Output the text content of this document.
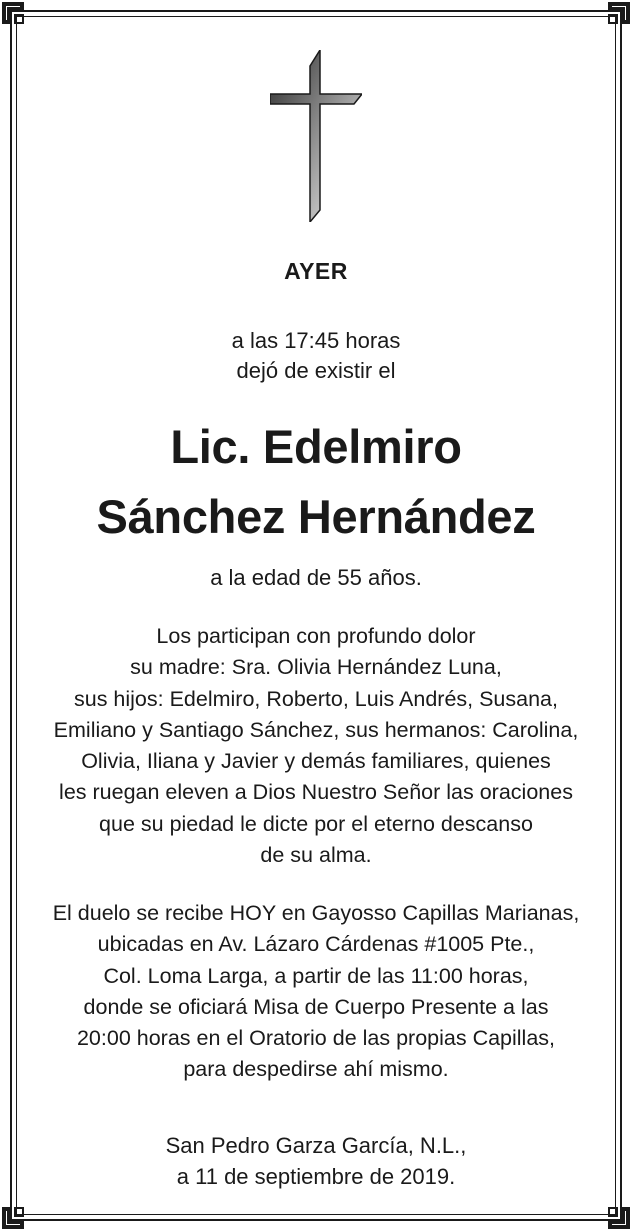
AYER
a las 17:45 horas
dejó de existir el
Lic. Edelmiro
Sánchez Hernández
a la edad de 55 años.
Los participan con profundo dolor
su madre: Sra. Olivia Hernández Luna,
sus hijos: Edelmiro, Roberto, Luis Andrés, Susana,
Emiliano y Santiago Sánchez, sus hermanos: Carolina,
Olivia, Iliana y Javier y demás familiares, quienes
les ruegan eleven a Dios Nuestro Señor las oraciones
que su piedad le dicte por el eterno descanso
de su alma.
El duelo se recibe HOY en Gayosso Capillas Marianas,
ubicadas en Av. Lázaro Cárdenas #1005 Pte.,
Col. Loma Larga, a partir de las 11:00 horas,
donde se oficiará Misa de Cuerpo Presente a las
20:00 horas en el Oratorio de las propias Capillas,
para despedirse ahí mismo.
San Pedro Garza García, N.L.,
a 11 de septiembre de 2019.
